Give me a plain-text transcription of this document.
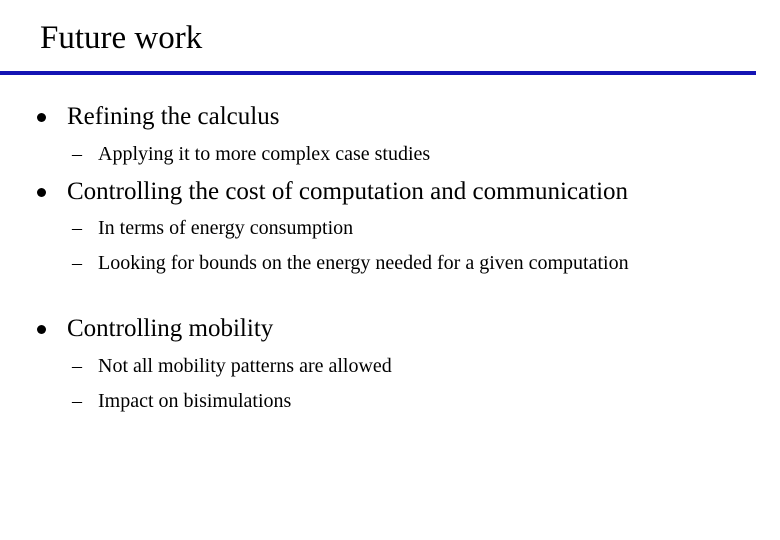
Future work
Refining the calculus
– Applying it to more complex case studies
Controlling the cost of computation and communication
– In terms of energy consumption
– Looking for bounds on the energy needed for a given computation
Controlling mobility
– Not all mobility patterns are allowed
– Impact on bisimulations
